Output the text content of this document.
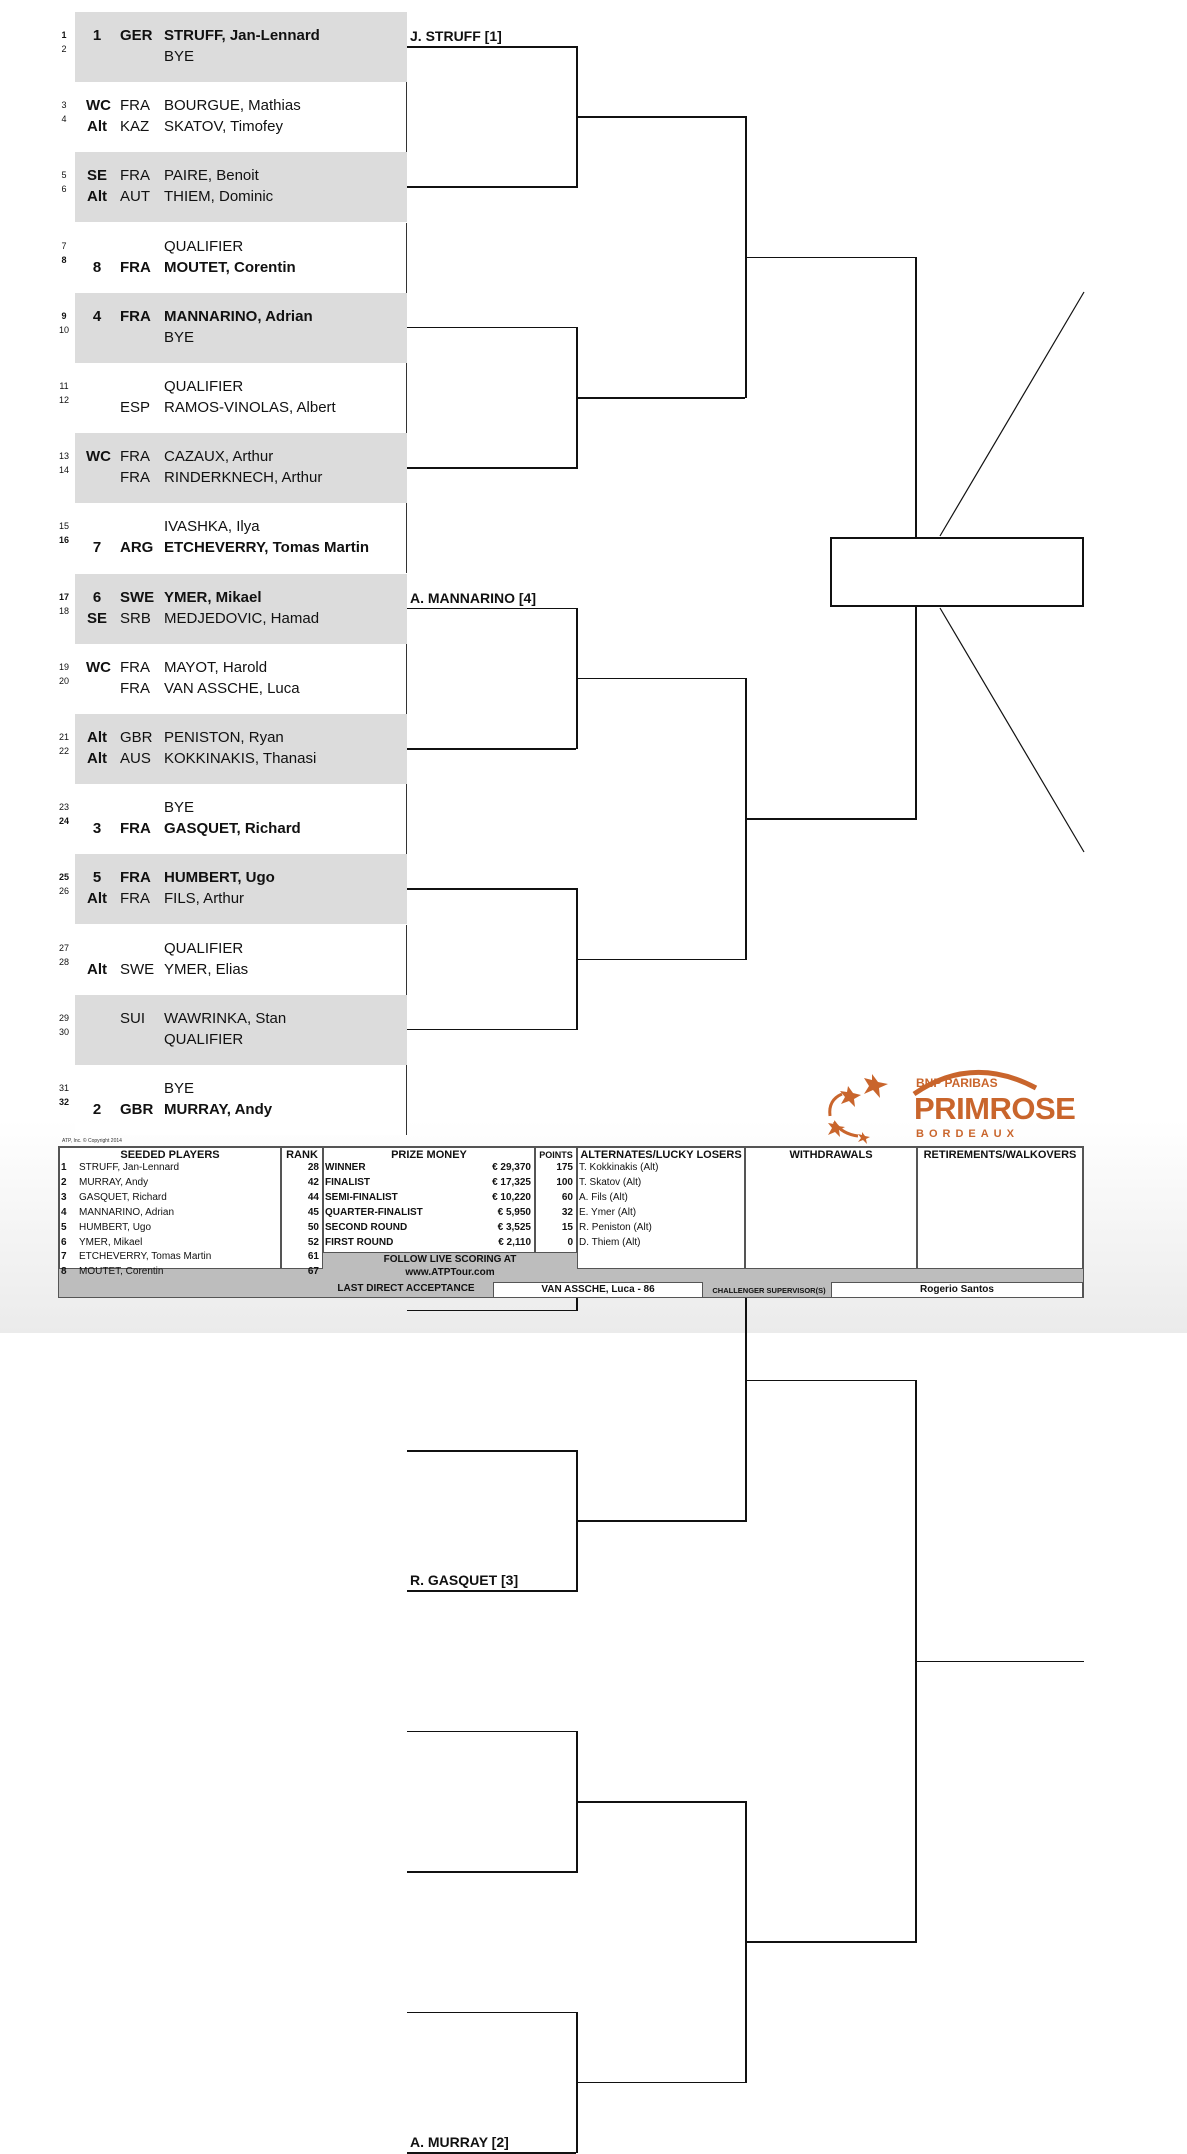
1	1	GER STRUFF, Jan-Lennard
2	BYE
3	WC FRA BOURGUE, Mathias
4	Alt KAZ SKATOV, Timofey
5	SE FRA PAIRE, Benoit
6	Alt AUT THIEM, Dominic
7	QUALIFIER
8	8	FRA MOUTET, Corentin
9	4	FRA MANNARINO, Adrian
10	BYE
11	QUALIFIER
12	ESP RAMOS-VINOLAS, Albert
13	WC FRA CAZAUX, Arthur
14	FRA RINDERKNECH, Arthur
15	IVASHKA, Ilya
16	7	ARG ETCHEVERRY, Tomas Martin
17	6	SWE YMER, Mikael
18	SE SRB MEDJEDOVIC, Hamad
19	WC FRA MAYOT, Harold
20	FRA VAN ASSCHE, Luca
21	Alt GBR PENISTON, Ryan
22	Alt AUS KOKKINAKIS, Thanasi
23	BYE
24	3	FRA GASQUET, Richard
25	5	FRA HUMBERT, Ugo
26	Alt FRA FILS, Arthur
27	QUALIFIER
28	Alt SWE YMER, Elias
29	SUI WAWRINKA, Stan
30	QUALIFIER
31	BYE
32	2	GBR MURRAY, Andy
J. STRUFF [1]
A. MANNARINO [4]
R. GASQUET [3]
A. MURRAY [2]
ATP, Inc. © Copyright 2014
BNP PARIBAS
PRIMROSE
BORDEAUX
SEEDED PLAYERS	RANK	PRIZE MONEY	POINTS ALTERNATES/LUCKY LOSERS	WITHDRAWALS	RETIREMENTS/WALKOVERS
1 STRUFF, Jan-Lennard	28
2 MURRAY, Andy	42
3 GASQUET, Richard	44
4 MANNARINO, Adrian	45
5 HUMBERT, Ugo	50
6 YMER, Mikael	52
7 ETCHEVERRY, Tomas Martin	61
8 MOUTET, Corentin	67
WINNER	€ 29,370	175
FINALIST	€ 17,325	100
SEMI-FINALIST	€ 10,220	60
QUARTER-FINALIST	€ 5,950	32
SECOND ROUND	€ 3,525	15
FIRST ROUND	€ 2,110	0
T. Kokkinakis (Alt)
T. Skatov (Alt)
A. Fils (Alt)
E. Ymer (Alt)
R. Peniston (Alt)
D. Thiem (Alt)
FOLLOW LIVE SCORING AT
www.ATPTour.com
LAST DIRECT ACCEPTANCE	VAN ASSCHE, Luca - 86	CHALLENGER SUPERVISOR(S)	Rogerio Santos
